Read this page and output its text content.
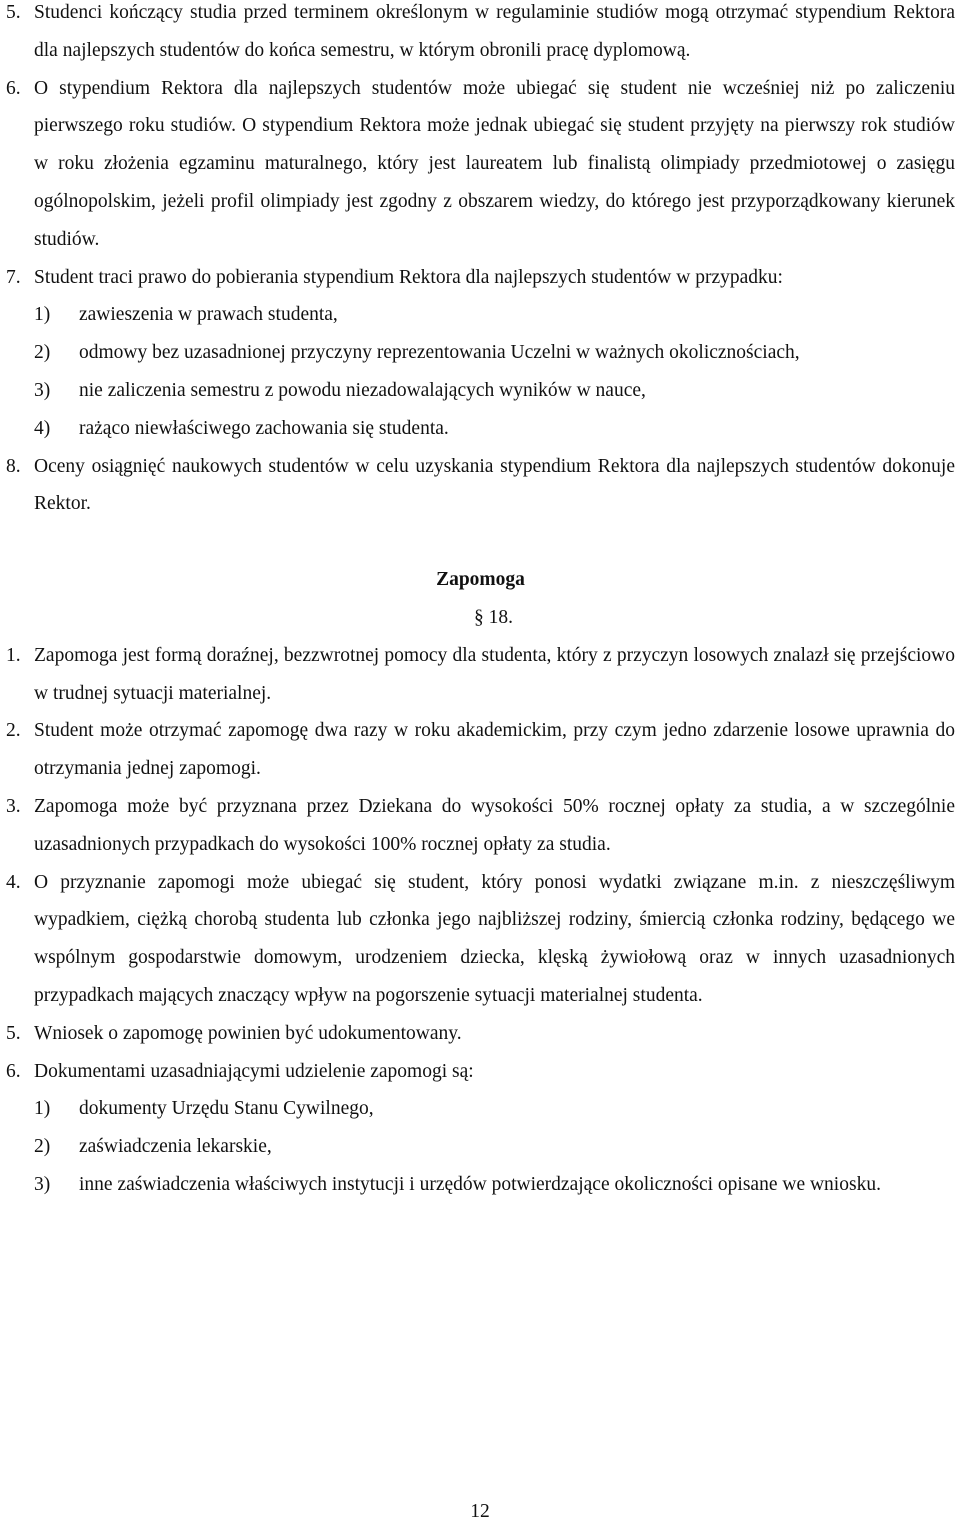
5. Studenci kończący studia przed terminem określonym w regulaminie studiów mogą otrzymać stypendium Rektora dla najlepszych studentów do końca semestru, w którym obronili pracę dyplomową.
6. O stypendium Rektora dla najlepszych studentów może ubiegać się student nie wcześniej niż po zaliczeniu pierwszego roku studiów. O stypendium Rektora może jednak ubiegać się student przyjęty na pierwszy rok studiów w roku złożenia egzaminu maturalnego, który jest laureatem lub finalistą olimpiady przedmiotowej o zasięgu ogólnopolskim, jeżeli profil olimpiady jest zgodny z obszarem wiedzy, do którego jest przyporządkowany kierunek studiów.
7. Student traci prawo do pobierania stypendium Rektora dla najlepszych studentów w przypadku:
1) zawieszenia w prawach studenta,
2) odmowy bez uzasadnionej przyczyny reprezentowania Uczelni w ważnych okolicznościach,
3) nie zaliczenia semestru z powodu niezadowalających wyników w nauce,
4) rażąco niewłaściwego zachowania się studenta.
8. Oceny osiągnięć naukowych studentów w celu uzyskania stypendium Rektora dla najlepszych studentów dokonuje Rektor.
Zapomoga
§ 18.
1. Zapomoga jest formą doraźnej, bezzwrotnej pomocy dla studenta, który z przyczyn losowych znalazł się przejściowo w trudnej sytuacji materialnej.
2. Student może otrzymać zapomogę dwa razy w roku akademickim, przy czym jedno zdarzenie losowe uprawnia do otrzymania jednej zapomogi.
3. Zapomoga może być przyznana przez Dziekana do wysokości 50% rocznej opłaty za studia, a w szczególnie uzasadnionych przypadkach do wysokości 100% rocznej opłaty za studia.
4. O przyznanie zapomogi może ubiegać się student, który ponosi wydatki związane m.in. z nieszczęśliwym wypadkiem, ciężką chorobą studenta lub członka jego najbliższej rodziny, śmiercią członka rodziny, będącego we wspólnym gospodarstwie domowym, urodzeniem dziecka, klęską żywiołową oraz w innych uzasadnionych przypadkach mających znaczący wpływ na pogorszenie sytuacji materialnej studenta.
5. Wniosek o zapomogę powinien być udokumentowany.
6. Dokumentami uzasadniającymi udzielenie zapomogi są:
1) dokumenty Urzędu Stanu Cywilnego,
2) zaświadczenia lekarskie,
3) inne zaświadczenia właściwych instytucji i urzędów potwierdzające okoliczności opisane we wniosku.
12
